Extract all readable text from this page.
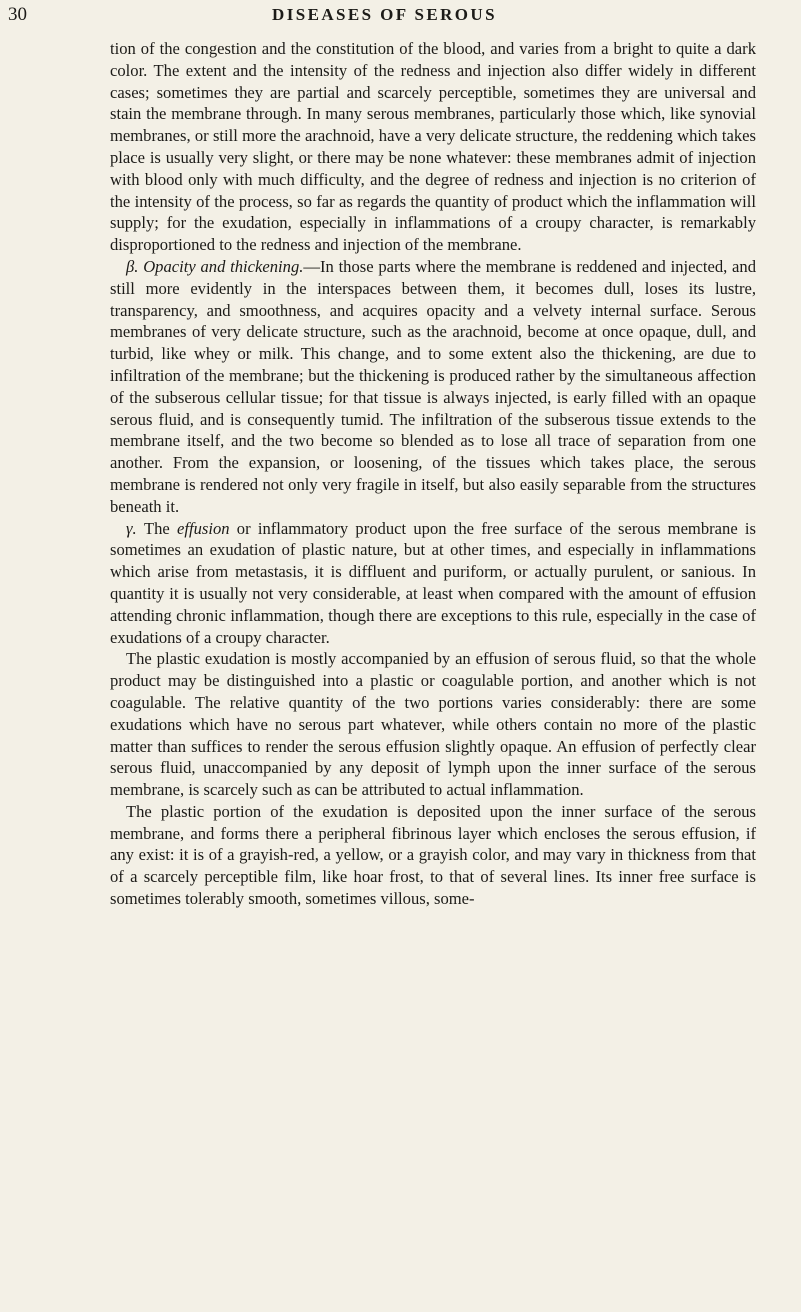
30	DISEASES OF SEROUS

tion of the congestion and the constitution of the blood, and varies from a bright to quite a dark color. The extent and the intensity of the redness and injection also differ widely in different cases; sometimes they are partial and scarcely perceptible, sometimes they are universal and stain the membrane through. In many serous membranes, particularly those which, like synovial membranes, or still more the arachnoid, have a very delicate structure, the reddening which takes place is usually very slight, or there may be none whatever: these membranes admit of injection with blood only with much difficulty, and the degree of redness and injection is no criterion of the intensity of the process, so far as regards the quantity of product which the inflammation will supply; for the exudation, especially in inflammations of a croupy character, is remarkably disproportioned to the redness and injection of the membrane.

β. Opacity and thickening.—In those parts where the membrane is reddened and injected, and still more evidently in the interspaces between them, it becomes dull, loses its lustre, transparency, and smoothness, and acquires opacity and a velvety internal surface. Serous membranes of very delicate structure, such as the arachnoid, become at once opaque, dull, and turbid, like whey or milk. This change, and to some extent also the thickening, are due to infiltration of the membrane; but the thickening is produced rather by the simultaneous affection of the subserous cellular tissue; for that tissue is always injected, is early filled with an opaque serous fluid, and is consequently tumid. The infiltration of the subserous tissue extends to the membrane itself, and the two become so blended as to lose all trace of separation from one another. From the expansion, or loosening, of the tissues which takes place, the serous membrane is rendered not only very fragile in itself, but also easily separable from the structures beneath it.

γ. The effusion or inflammatory product upon the free surface of the serous membrane is sometimes an exudation of plastic nature, but at other times, and especially in inflammations which arise from metastasis, it is diffluent and puriform, or actually purulent, or sanious. In quantity it is usually not very considerable, at least when compared with the amount of effusion attending chronic inflammation, though there are exceptions to this rule, especially in the case of exudations of a croupy character.

The plastic exudation is mostly accompanied by an effusion of serous fluid, so that the whole product may be distinguished into a plastic or coagulable portion, and another which is not coagulable. The relative quantity of the two portions varies considerably: there are some exudations which have no serous part whatever, while others contain no more of the plastic matter than suffices to render the serous effusion slightly opaque. An effusion of perfectly clear serous fluid, unaccompanied by any deposit of lymph upon the inner surface of the serous membrane, is scarcely such as can be attributed to actual inflammation.

The plastic portion of the exudation is deposited upon the inner surface of the serous membrane, and forms there a peripheral fibrinous layer which encloses the serous effusion, if any exist: it is of a grayish-red, a yellow, or a grayish color, and may vary in thickness from that of a scarcely perceptible film, like hoar frost, to that of several lines. Its inner free surface is sometimes tolerably smooth, sometimes villous, some-
